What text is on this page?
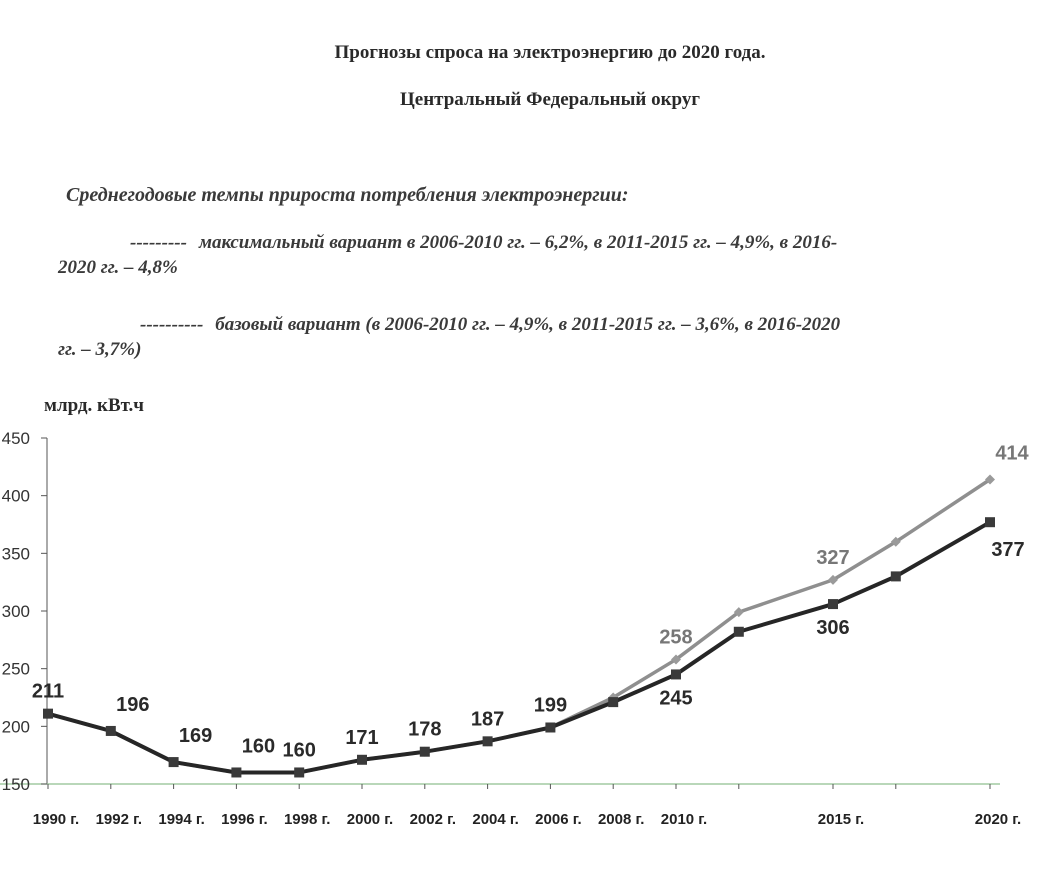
Прогнозы спроса на электроэнергию до 2020 года.
Центральный Федеральный округ
Среднегодовые темпы прироста потребления электроэнергии:
--------- максимальный вариант в 2006-2010 гг. – 6,2%, в 2011-2015 гг. – 4,9%, в 2016-
2020 гг. – 4,8%
---------- базовый вариант (в 2006-2010 гг. – 4,9%, в 2011-2015 гг. – 3,6%, в 2016-2020
гг. – 3,7%)
млрд. кВт.ч
150
200
250
300
350
400
450
1990 г. 1992 г. 1994 г. 1996 г. 1998 г. 2000 г. 2002 г. 2004 г. 2006 г. 2008 г. 2010 г.	2015 г.	2020 г.
211
196
169 160 160
171 178 187
199
258
245
327
306
414
377
